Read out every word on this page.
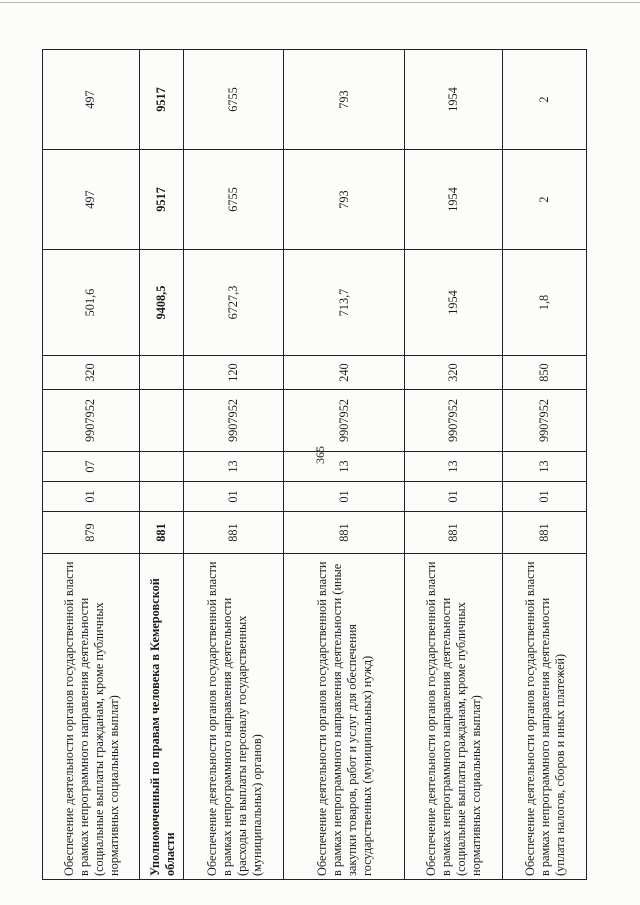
365
Обеспечение деятельности органов государственной власти в рамках непрограммного направления деятельности (социальные выплаты гражданам, кроме публичных нормативных социальных выплат)	879	01	07	9907952	320	501,6	497	497
Уполномоченный по правам человека в Кемеровской области	881					9408,5	9517	9517
Обеспечение деятельности органов государственной власти в рамках непрограммного направления деятельности (расходы на выплаты персоналу государственных (муниципальных) органов)	881	01	13	9907952	120	6727,3	6755	6755
Обеспечение деятельности органов государственной власти в рамках непрограммного направления деятельности (иные закупки товаров, работ и услуг для обеспечения государственных (муниципальных) нужд)	881	01	13	9907952	240	713,7	793	793
Обеспечение деятельности органов государственной власти в рамках непрограммного направления деятельности (социальные выплаты гражданам, кроме публичных нормативных социальных выплат)	881	01	13	9907952	320	1954	1954	1954
Обеспечение деятельности органов государственной власти в рамках непрограммного направления деятельности (уплата налогов, сборов и иных платежей)	881	01	13	9907952	850	1,8	2	2
